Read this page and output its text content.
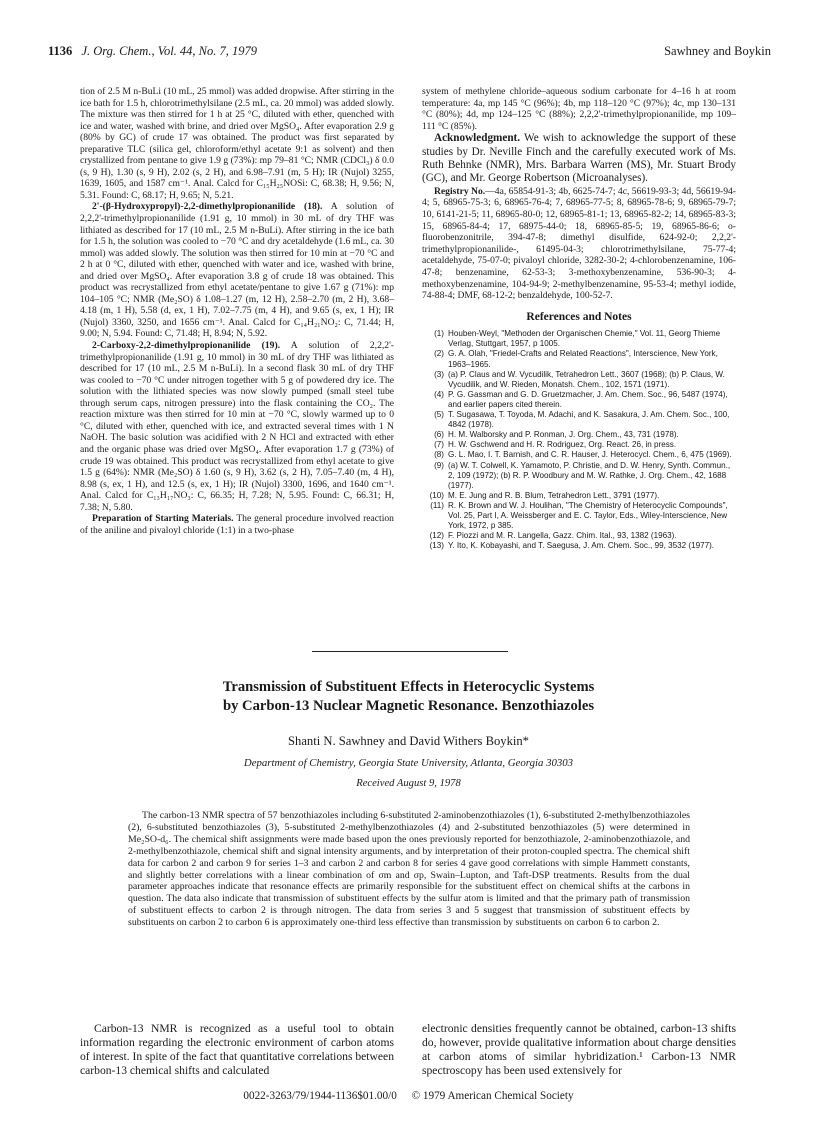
1136 J. Org. Chem., Vol. 44, No. 7, 1979	Sawhney and Boykin

tion of 2.5 M n-BuLi (10 mL, 25 mmol) was added dropwise. After stirring in the ice bath for 1.5 h, chlorotrimethylsilane (2.5 mL, ca. 20 mmol) was added slowly. The mixture was then stirred for 1 h at 25 °C, diluted with ether, quenched with ice and water, washed with brine, and dried over MgSO₄. After evaporation 2.9 g (80% by GC) of crude 17 was obtained. The product was first separated by preparative TLC (silica gel, chloroform/ethyl acetate 9:1 as solvent) and then crystallized from pentane to give 1.9 g (73%): mp 79–81 °C; NMR (CDCl₃) δ 0.0 (s, 9 H), 1.30 (s, 9 H), 2.02 (s, 2 H), and 6.98–7.91 (m, 5 H); IR (Nujol) 3255, 1639, 1605, and 1587 cm⁻¹. Anal. Calcd for C₁₅H₂₅NOSi: C, 68.38; H, 9.56; N, 5.31. Found: C, 68.17; H, 9.65; N, 5.21.

2'-(β-Hydroxypropyl)-2,2-dimethylpropionanilide (18). A solution of 2,2,2'-trimethylpropionanilide (1.91 g, 10 mmol) in 30 mL of dry THF was lithiated as described for 17 (10 mL, 2.5 M n-BuLi). After stirring in the ice bath for 1.5 h, the solution was cooled to −70 °C and dry acetaldehyde (1.6 mL, ca. 30 mmol) was added slowly. The solution was then stirred for 10 min at −70 °C and 2 h at 0 °C, diluted with ether, quenched with water and ice, washed with brine, and dried over MgSO₄. After evaporation 3.8 g of crude 18 was obtained. This product was recrystallized from ethyl acetate/pentane to give 1.67 g (71%): mp 104–105 °C; NMR (Me₂SO) δ 1.08–1.27 (m, 12 H), 2.58–2.70 (m, 2 H), 3.68–4.18 (m, 1 H), 5.58 (d, ex, 1 H), 7.02–7.75 (m, 4 H), and 9.65 (s, ex, 1 H); IR (Nujol) 3360, 3250, and 1656 cm⁻¹. Anal. Calcd for C₁₄H₂₁NO₂: C, 71.44; H, 9.00; N, 5.94. Found: C, 71.48; H, 8.94; N, 5.92.

2-Carboxy-2,2-dimethylpropionanilide (19). A solution of 2,2,2'-trimethylpropionanilide (1.91 g, 10 mmol) in 30 mL of dry THF was lithiated as described for 17 (10 mL, 2.5 M n-BuLi). In a second flask 30 mL of dry THF was cooled to −70 °C under nitrogen together with 5 g of powdered dry ice. The solution with the lithiated species was now slowly pumped (small steel tube through serum caps, nitrogen pressure) into the flask containing the CO₂. The reaction mixture was then stirred for 10 min at −70 °C, slowly warmed up to 0 °C, diluted with ether, quenched with ice, and extracted several times with 1 N NaOH. The basic solution was acidified with 2 N HCl and extracted with ether and the organic phase was dried over MgSO₄. After evaporation 1.7 g (73%) of crude 19 was obtained. This product was recrystallized from ethyl acetate to give 1.5 g (64%): NMR (Me₂SO) δ 1.60 (s, 9 H), 3.62 (s, 2 H), 7.05–7.40 (m, 4 H), 8.98 (s, ex, 1 H), and 12.5 (s, ex, 1 H); IR (Nujol) 3300, 1696, and 1640 cm⁻¹. Anal. Calcd for C₁₃H₁₇NO₃: C, 66.35; H, 7.28; N, 5.95. Found: C, 66.31; H, 7.38; N, 5.80.

Preparation of Starting Materials. The general procedure involved reaction of the aniline and pivaloyl chloride (1:1) in a two-phase

system of methylene chloride–aqueous sodium carbonate for 4–16 h at room temperature: 4a, mp 145 °C (96%); 4b, mp 118–120 °C (97%); 4c, mp 130–131 °C (80%); 4d, mp 124–125 °C (88%); 2,2,2'-trimethylpropionanilide, mp 109–111 °C (85%).

Acknowledgment. We wish to acknowledge the support of these studies by Dr. Neville Finch and the carefully executed work of Ms. Ruth Behnke (NMR), Mrs. Barbara Warren (MS), Mr. Stuart Brody (GC), and Mr. George Robertson (Microanalyses).

Registry No.—4a, 65854-91-3; 4b, 6625-74-7; 4c, 56619-93-3; 4d, 56619-94-4; 5, 68965-75-3; 6, 68965-76-4; 7, 68965-77-5; 8, 68965-78-6; 9, 68965-79-7; 10, 6141-21-5; 11, 68965-80-0; 12, 68965-81-1; 13, 68965-82-2; 14, 68965-83-3; 15, 68965-84-4; 17, 68975-44-0; 18, 68965-85-5; 19, 68965-86-6; o-fluorobenzonitrile, 394-47-8; dimethyl disulfide, 624-92-0; 2,2,2'-trimethylpropionanilide-, 61495-04-3; chlorotrimethylsilane, 75-77-4; acetaldehyde, 75-07-0; pivaloyl chloride, 3282-30-2; 4-chlorobenzenamine, 106-47-8; benzenamine, 62-53-3; 3-methoxybenzenamine, 536-90-3; 4-methoxybenzenamine, 104-94-9; 2-methylbenzenamine, 95-53-4; methyl iodide, 74-88-4; DMF, 68-12-2; benzaldehyde, 100-52-7.

References and Notes
(1) Houben-Weyl, "Methoden der Organischen Chemie," Vol. 11, Georg Thieme Verlag, Stuttgart, 1957, p 1005.
(2) G. A. Olah, "Friedel-Crafts and Related Reactions", Interscience, New York, 1963–1965.
(3) (a) P. Claus and W. Vycudilik, Tetrahedron Lett., 3607 (1968); (b) P. Claus, W. Vycudilik, and W. Rieden, Monatsh. Chem., 102, 1571 (1971).
(4) P. G. Gassman and G. D. Gruetzmacher, J. Am. Chem. Soc., 96, 5487 (1974), and earlier papers cited therein.
(5) T. Sugasawa, T. Toyoda, M. Adachi, and K. Sasakura, J. Am. Chem. Soc., 100, 4842 (1978).
(6) H. M. Walborsky and P. Ronman, J. Org. Chem., 43, 731 (1978).
(7) H. W. Gschwend and H. R. Rodriguez, Org. React. 26, in press.
(8) G. L. Mao, I. T. Barnish, and C. R. Hauser, J. Heterocycl. Chem., 6, 475 (1969).
(9) (a) W. T. Colwell, K. Yamamoto, P. Christie, and D. W. Henry, Synth. Commun., 2, 109 (1972); (b) R. P. Woodbury and M. W. Rathke, J. Org. Chem., 42, 1688 (1977).
(10) M. E. Jung and R. B. Blum, Tetrahedron Lett., 3791 (1977).
(11) R. K. Brown and W. J. Houlihan, "The Chemistry of Heterocyclic Compounds", Vol. 25, Part I, A. Weissberger and E. C. Taylor, Eds., Wiley-Interscience, New York, 1972, p 385.
(12) F. Piozzi and M. R. Langella, Gazz. Chim. Ital., 93, 1382 (1963).
(13) Y. Ito, K. Kobayashi, and T. Saegusa, J. Am. Chem. Soc., 99, 3532 (1977).
Transmission of Substituent Effects in Heterocyclic Systems
by Carbon-13 Nuclear Magnetic Resonance. Benzothiazoles
Shanti N. Sawhney and David Withers Boykin*
Department of Chemistry, Georgia State University, Atlanta, Georgia 30303
Received August 9, 1978
The carbon-13 NMR spectra of 57 benzothiazoles including 6-substituted 2-aminobenzothiazoles (1), 6-substituted 2-methylbenzothiazoles (2), 6-substituted benzothiazoles (3), 5-substituted 2-methylbenzothiazoles (4) and 2-substituted benzothiazoles (5) were determined in Me₂SO-d₆. The chemical shift assignments were made based upon the ones previously reported for benzothiazole, 2-aminobenzothiazole, and 2-methylbenzothiazole, chemical shift and signal intensity arguments, and by interpretation of their proton-coupled spectra. The chemical shift data for carbon 2 and carbon 9 for series 1–3 and carbon 2 and carbon 8 for series 4 gave good correlations with simple Hammett constants, and slightly better correlations with a linear combination of σm and σp, Swain–Lupton, and Taft-DSP treatments. Results from the dual parameter approaches indicate that resonance effects are primarily responsible for the substituent effect on chemical shifts at the carbons in question. The data also indicate that transmission of substituent effects by the sulfur atom is limited and that the primary path of transmission of substituent effects to carbon 2 is through nitrogen. The data from series 3 and 5 suggest that transmission of substituent effects by substituents on carbon 2 to carbon 6 is approximately one-third less effective than transmission by substituents on carbon 6 to carbon 2.

Carbon-13 NMR is recognized as a useful tool to obtain information regarding the electronic environment of carbon atoms of interest. In spite of the fact that quantitative correlations between carbon-13 chemical shifts and calculated

electronic densities frequently cannot be obtained, carbon-13 shifts do, however, provide qualitative information about charge densities at carbon atoms of similar hybridization.¹ Carbon-13 NMR spectroscopy has been used extensively for

0022-3263/79/1944-1136$01.00/0 © 1979 American Chemical Society
